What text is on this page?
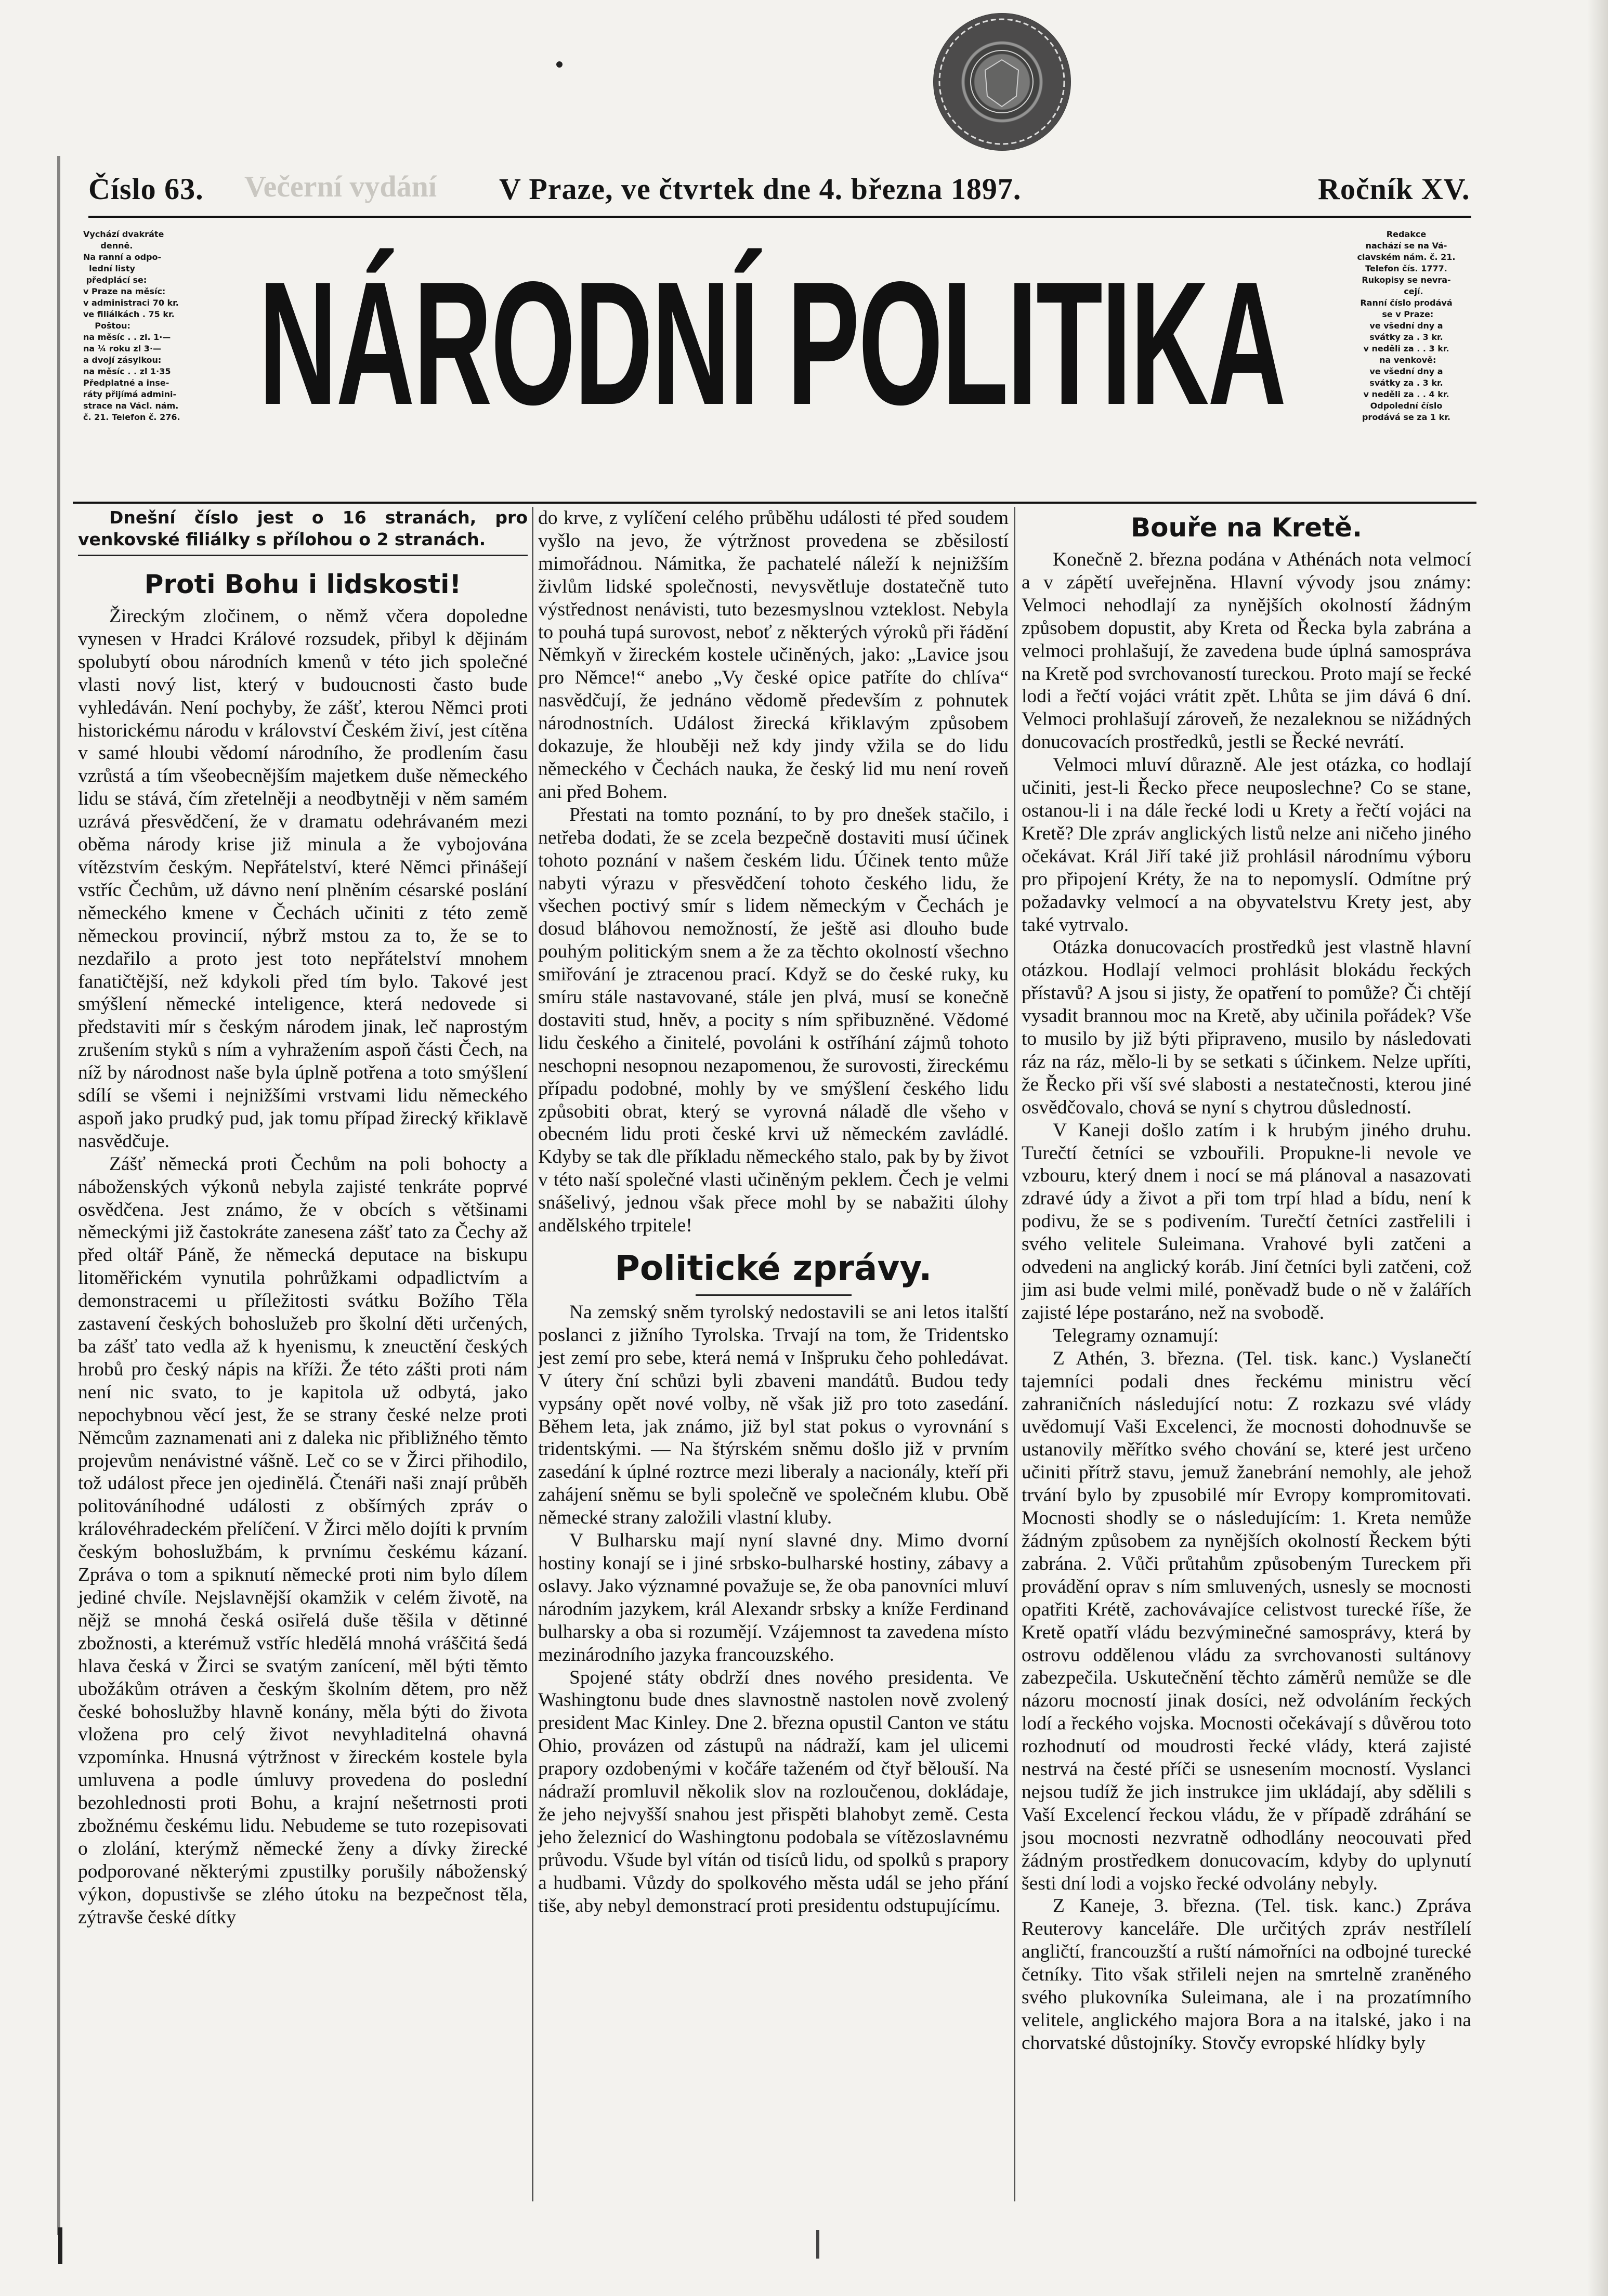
Večerní vydání
Číslo 63.	V Praze, ve čtvrtek dne 4. března 1897.	Ročník XV.
NÁRODNÍ POLITIKA
Vychází dvakráte
denně.
Na ranní a odpo-
lední listy
předplácí se:
v Praze na měsíc:
v administraci 70 kr.
ve filiálkách . 75 kr.
Poštou:
na měsíc . . zl. 1·—
na ¼ roku zl 3·—
a dvojí zásylkou:
na měsíc . . zl 1·35
Předplatné a inse-
ráty přijímá admini-
strace na Václ. nám.
č. 21. Telefon č. 276.
Redakce
nachází se na Vá-
clavském nám. č. 21.
Telefon čís. 1777.
Rukopisy se nevra-
cejí.
Ranní číslo prodává
se v Praze:
ve všední dny a
svátky za . 3 kr.
v neděli za . . 3 kr.
na venkově:
ve všední dny a
svátky za . 3 kr.
v neděli za . . 4 kr.
Odpolední číslo
prodává se za 1 kr.

Dnešní číslo jest o 16 stranách, pro venkovské filiálky s přílohou o 2 stranách.

Proti Bohu i lidskosti!

Žireckým zločinem, o němž včera dopoledne vynesen v Hradci Králové rozsudek, přibyl k dějinám spolubytí obou národních kmenů v této jich společné vlasti nový list, který v budoucnosti často bude vyhledáván. Není pochyby, že zášť, kterou Němci proti historickému národu v království Českém živí, jest cítěna v samé hloubi vědomí národního, že prodlením času vzrůstá a tím všeobecnějším majetkem duše německého lidu se stává, čím zřetelněji a neodbytněji v něm samém uzrává přesvědčení, že v dramatu odehrávaném mezi oběma národy krise již minula a že vybojována vítězstvím českým. Nepřátelství, které Němci přinášejí vstříc Čechům, už dávno není plněním césarské poslání německého kmene v Čechách učiniti z této země německou provincií, nýbrž mstou za to, že se to nezdařilo a proto jest toto nepřátelství mnohem fanatičtější, než kdykoli před tím bylo. Takové jest smýšlení německé inteligence, která nedovede si představiti mír s českým národem jinak, leč naprostým zrušením styků s ním a vyhražením aspoň části Čech, na níž by národnost naše byla úplně potřena a toto smýšlení sdílí se všemi i nejnižšími vrstvami lidu německého aspoň jako prudký pud, jak tomu případ žirecký křiklavě nasvědčuje.

Zášť německá proti Čechům na poli bohocty a náboženských výkonů nebyla zajisté tenkráte poprvé osvědčena. Jest známo, že v obcích s většinami německými již častokráte zanesena zášť tato za Čechy až před oltář Páně, že německá deputace na biskupu litoměřickém vynutila pohrůžkami odpadlictvím a demonstracemi u příležitosti svátku Božího Těla zastavení českých bohoslužeb pro školní děti určených, ba zášť tato vedla až k hyenismu, k zneuctění českých hrobů pro český nápis na kříži. Že této zášti proti nám není nic svato, to je kapitola už odbytá, jako nepochybnou věcí jest, že se strany české nelze proti Němcům zaznamenati ani z daleka nic přibližného těmto projevům nenávistné vášně. Leč co se v Žirci přihodilo, tož událost přece jen ojedinělá. Čtenáři naši znají průběh politováníhodné události z obšírných zpráv o královéhradeckém přelíčení. V Žirci mělo dojíti k prvním českým bohoslužbám, k prvnímu českému kázaní. Zpráva o tom a spiknutí německé proti nim bylo dílem jediné chvíle. Nejslavnější okamžik v celém životě, na nějž se mnohá česká osiřelá duše těšila v dětinné zbožnosti, a kterémuž vstříc hledělá mnohá vráščitá šedá hlava česká v Žirci se svatým zanícení, měl býti těmto ubožákům otráven a českým školním dětem, pro něž české bohoslužby hlavně konány, měla býti do života vložena pro celý život nevyhladitelná ohavná vzpomínka. Hnusná výtržnost v žireckém kostele byla umluvena a podle úmluvy provedena do poslední bezohlednosti proti Bohu, a krajní nešetrnosti proti zbožnému českému lidu. Nebudeme se tuto rozepisovati o zlolání, kterýmž německé ženy a dívky žirecké podporované některými zpustilky porušily náboženský výkon, dopustivše se zlého útoku na bezpečnost těla, zýtravše české dítky

do krve, z vylíčení celého průběhu události té před soudem vyšlo na jevo, že výtržnost provedena se zběsilostí mimořádnou. Námitka, že pachatelé náleží k nejnižším živlům lidské společnosti, nevysvětluje dostatečně tuto výstřednost nenávisti, tuto bezesmyslnou vzteklost. Nebyla to pouhá tupá surovost, neboť z některých výroků při řádění Němkyň v žireckém kostele učiněných, jako: „Lavice jsou pro Němce!“ anebo „Vy české opice patříte do chlíva“ nasvědčují, že jednáno vědomě především z pohnutek národnostních. Událost žirecká křiklavým způsobem dokazuje, že hlouběji než kdy jindy vžila se do lidu německého v Čechách nauka, že český lid mu není roveň ani před Bohem.

Přestati na tomto poznání, to by pro dnešek stačilo, i netřeba dodati, že se zcela bezpečně dostaviti musí účinek tohoto poznání v našem českém lidu. Účinek tento může nabyti výrazu v přesvědčení tohoto českého lidu, že všechen poctivý smír s lidem německým v Čechách je dosud bláhovou nemožností, že ještě asi dlouho bude pouhým politickým snem a že za těchto okolností všechno smiřování je ztracenou prací. Když se do české ruky, ku smíru stále nastavované, stále jen plvá, musí se konečně dostaviti stud, hněv, a pocity s ním spřibuzněné. Vědomé lidu českého a činitelé, povoláni k ostříhání zájmů tohoto neschopni nesopnou nezapomenou, že surovosti, žireckému případu podobné, mohly by ve smýšlení českého lidu způsobiti obrat, který se vyrovná náladě dle všeho v obecném lidu proti české krvi už německém zavládlé. Kdyby se tak dle příkladu německého stalo, pak by by život v této naší společné vlasti učiněným peklem. Čech je velmi snášelivý, jednou však přece mohl by se nabažiti úlohy andělského trpitele!

Politické zprávy.

Na zemský sněm tyrolský nedostavili se ani letos italští poslanci z jižního Tyrolska. Trvají na tom, že Tridentsko jest zemí pro sebe, která nemá v Inšpruku čeho pohledávat. V útery ční schůzi byli zbaveni mandátů. Budou tedy vypsány opět nové volby, ně však již pro toto zasedání. Během leta, jak známo, již byl stat pokus o vyrovnání s tridentskými. — Na štýrském sněmu došlo již v prvním zasedání k úplné roztrce mezi liberaly a nacionály, kteří při zahájení sněmu se byli společně ve společném klubu. Obě německé strany založili vlastní kluby.

V Bulharsku mají nyní slavné dny. Mimo dvorní hostiny konají se i jiné srbsko-bulharské hostiny, zábavy a oslavy. Jako významné považuje se, že oba panovníci mluví národním jazykem, král Alexandr srbsky a kníže Ferdinand bulharsky a oba si rozumějí. Vzájemnost ta zavedena místo mezinárodního jazyka francouzského.

Spojené státy obdrží dnes nového presidenta. Ve Washingtonu bude dnes slavnostně nastolen nově zvolený president Mac Kinley. Dne 2. března opustil Canton ve státu Ohio, provázen od zástupů na nádraží, kam jel ulicemi prapory ozdobenými v kočáře taženém od čtyř bělouší. Na nádraží promluvil několik slov na rozloučenou, dokládaje, že jeho nejvyšší snahou jest přispěti blahobyt země. Cesta jeho železnicí do Washingtonu podobala se vítězoslavnému průvodu. Všude byl vítán od tisíců lidu, od spolků s prapory a hudbami. Vůzdy do spolkového města udál se jeho přání tiše, aby nebyl demonstrací proti presidentu odstupujícímu.

Bouře na Kretě.

Konečně 2. března podána v Athénách nota velmocí a v zápětí uveřejněna. Hlavní vývody jsou známy: Velmoci nehodlají za nynějších okolností žádným způsobem dopustit, aby Kreta od Řecka byla zabrána a velmoci prohlašují, že zavedena bude úplná samospráva na Kretě pod svrchovaností tureckou. Proto mají se řecké lodi a řečtí vojáci vrátit zpět. Lhůta se jim dává 6 dní. Velmoci prohlašují zároveň, že nezaleknou se nižádných donucovacích prostředků, jestli se Řecké nevrátí.

Velmoci mluví důrazně. Ale jest otázka, co hodlají učiniti, jest-li Řecko přece neuposlechne? Co se stane, ostanou-li i na dále řecké lodi u Krety a řečtí vojáci na Kretě? Dle zpráv anglických listů nelze ani ničeho jiného očekávat. Král Jiří také již prohlásil národnímu výboru pro připojení Kréty, že na to nepomyslí. Odmítne prý požadavky velmocí a na obyvatelstvu Krety jest, aby také vytrvalo.

Otázka donucovacích prostředků jest vlastně hlavní otázkou. Hodlají velmoci prohlásit blokádu řeckých přístavů? A jsou si jisty, že opatření to pomůže? Či chtějí vysadit brannou moc na Kretě, aby učinila pořádek? Vše to musilo by již býti připraveno, musilo by následovati ráz na ráz, mělo-li by se setkati s účinkem. Nelze upříti, že Řecko při vší své slabosti a nestatečnosti, kterou jiné osvědčovalo, chová se nyní s chytrou důsledností.

V Kaneji došlo zatím i k hrubým jiného druhu. Turečtí četníci se vzbouřili. Propukne-li nevole ve vzbouru, který dnem i nocí se má plánoval a nasazovati zdravé údy a život a při tom trpí hlad a bídu, není k podivu, že se s podivením. Turečtí četníci zastřelili i svého velitele Suleimana. Vrahové byli zatčeni a odvedeni na anglický koráb. Jiní četníci byli zatčeni, což jim asi bude velmi milé, poněvadž bude o ně v žalářích zajisté lépe postaráno, než na svobodě.

Telegramy oznamují:

Z Athén, 3. března. (Tel. tisk. kanc.) Vyslanečtí tajemníci podali dnes řeckému ministru věcí zahraničních následující notu: Z rozkazu své vlády uvědomují Vaši Excelenci, že mocnosti dohodnuvše se ustanovily měřítko svého chování se, které jest určeno učiniti přítrž stavu, jemuž žanebrání nemohly, ale jehož trvání bylo by zpusobilé mír Evropy kompromitovati. Mocnosti shodly se o následujícím: 1. Kreta nemůže žádným způsobem za nynějších okolností Řeckem býti zabrána. 2. Vůči průtahům způsobeným Tureckem při provádění oprav s ním smluvených, usnesly se mocnosti opatřiti Krétě, zachovávajíce celistvost turecké říše, že Kretě opatří vládu bezvýminečné samosprávy, která by ostrovu oddělenou vládu za svrchovanosti sultánovy zabezpečila. Uskutečnění těchto záměrů nemůže se dle názoru mocností jinak dosíci, než odvoláním řeckých lodí a řeckého vojska. Mocnosti očekávají s důvěrou toto rozhodnutí od moudrosti řecké vlády, která zajisté nestrvá na česté příči se usnesením mocností. Vyslanci nejsou tudíž že jich instrukce jim ukládají, aby sdělili s Vaší Excelencí řeckou vládu, že v případě zdráhání se jsou mocnosti nezvratně odhodlány neocouvati před žádným prostředkem donucovacím, kdyby do uplynutí šesti dní lodi a vojsko řecké odvolány nebyly.

Z Kaneje, 3. března. (Tel. tisk. kanc.) Zpráva Reuterovy kanceláře. Dle určitých zpráv nestřílelí angličtí, francouzští a ruští námořníci na odbojné turecké četníky. Tito však střileli nejen na smrtelně zraněného svého plukovníka Suleimana, ale i na prozatímního velitele, anglického majora Bora a na italské, jako i na chorvatské důstojníky. Stovčy evropské hlídky byly
